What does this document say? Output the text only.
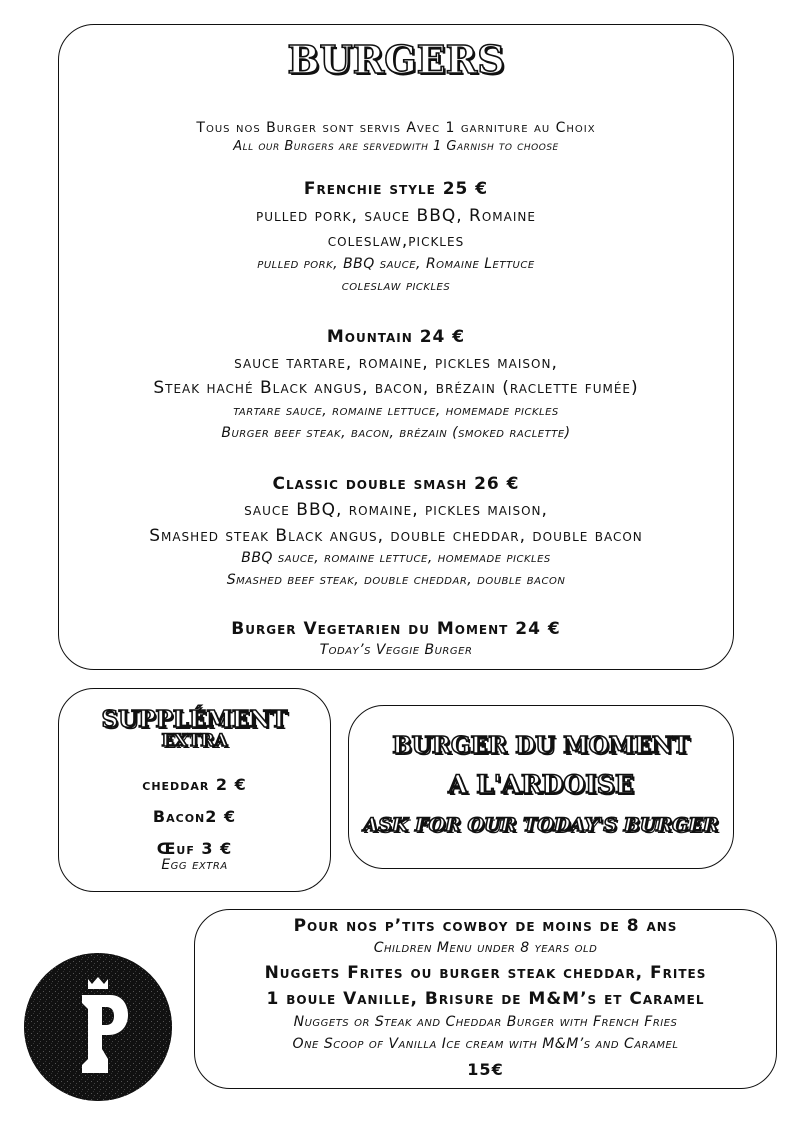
BURGERS
Tous nos Burger sont servis Avec 1 garniture au Choix
All our Burgers are servedwith 1 Garnish to choose
Frenchie style 25 €
pulled pork, sauce BBQ, Romaine
coleslaw,pickles
pulled pork, BBQ sauce, Romaine Lettuce
coleslaw pickles
Mountain 24 €
sauce tartare, romaine, pickles maison,
Steak haché Black angus, bacon, brézain (raclette fumée)
tartare sauce, romaine lettuce, homemade pickles
Burger beef steak, bacon, brézain (smoked raclette)
Classic double smash 26 €
sauce BBQ, romaine, pickles maison,
Smashed steak Black angus, double cheddar, double bacon
BBQ sauce, romaine lettuce, homemade pickles
Smashed beef steak, double cheddar, double bacon
Burger Vegetarien du Moment 24 €
Today’s Veggie Burger
SUPPLÉMENT
EXTRA
cheddar 2 €
Bacon2 €
Œuf 3 €
Egg extra
BURGER DU MOMENT
A L'ARDOISE
ASK FOR OUR TODAY'S BURGER
Pour nos p’tits cowboy de moins de 8 ans
Children Menu under 8 years old
Nuggets Frites ou burger steak cheddar, Frites
1 boule Vanille, Brisure de M&M’s et Caramel
Nuggets or Steak and Cheddar Burger with French Fries
One Scoop of Vanilla Ice cream with M&M’s and Caramel
15€
